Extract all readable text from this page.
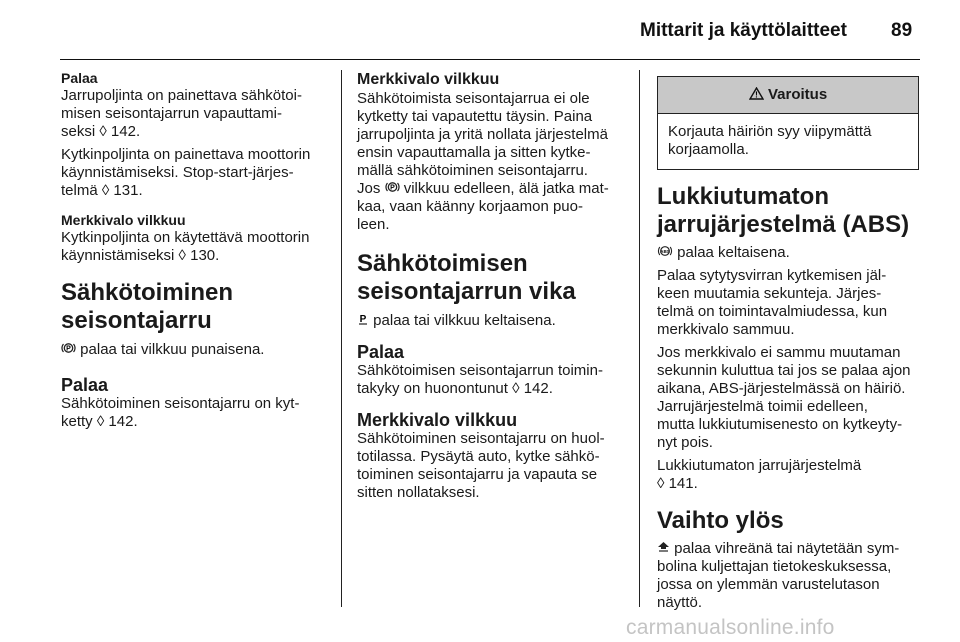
Mittarit ja käyttölaitteet 89
Palaa

Jarrupoljinta on painettava sähkötoi-

misen seisontajarrun vapauttami-

seksi ◊ 142.

Kytkinpoljinta on painettava moottorin

käynnistämiseksi. Stop-start-järjes-

telmä ◊ 131.

Merkkivalo vilkkuu

Kytkinpoljinta on käytettävä moottorin

käynnistämiseksi ◊ 130.

Sähkötoiminen

seisontajarru

P palaa tai vilkkuu punaisena.

Palaa

Sähkötoiminen seisontajarru on kyt-

ketty ◊ 142.

Merkkivalo vilkkuu

Sähkötoimista seisontajarrua ei ole

kytketty tai vapautettu täysin. Paina

jarrupoljinta ja yritä nollata järjestelmä

ensin vapauttamalla ja sitten kytke-

mällä sähkötoiminen seisontajarru.

Jos P vilkkuu edelleen, älä jatka mat-

kaa, vaan käänny korjaamon puo-

leen.

Sähkötoimisen

seisontajarrun vika

P palaa tai vilkkuu keltaisena.

Palaa

Sähkötoimisen seisontajarrun toimin-

takyky on huonontunut ◊ 142.

Merkkivalo vilkkuu

Sähkötoiminen seisontajarru on huol-

totilassa. Pysäytä auto, kytke sähkö-

toiminen seisontajarru ja vapauta se

sitten nollataksesi.

! Varoitus
Korjauta häiriön syy viipymättä
korjaamolla.

Lukkiutumaton

jarrujärjestelmä (ABS)

ABS palaa keltaisena.

Palaa sytytysvirran kytkemisen jäl-

keen muutamia sekunteja. Järjes-

telmä on toimintavalmiudessa, kun

merkkivalo sammuu.

Jos merkkivalo ei sammu muutaman

sekunnin kuluttua tai jos se palaa ajon

aikana, ABS-järjestelmässä on häiriö.

Jarrujärjestelmä toimii edelleen,

mutta lukkiutumisenesto on kytkeyty-

nyt pois.

Lukkiutumaton jarrujärjestelmä

◊ 141.

Vaihto ylös

palaa vihreänä tai näytetään sym-

bolina kuljettajan tietokeskuksessa,

jossa on ylemmän varustelutason

näyttö.

carmanualsonline.info
